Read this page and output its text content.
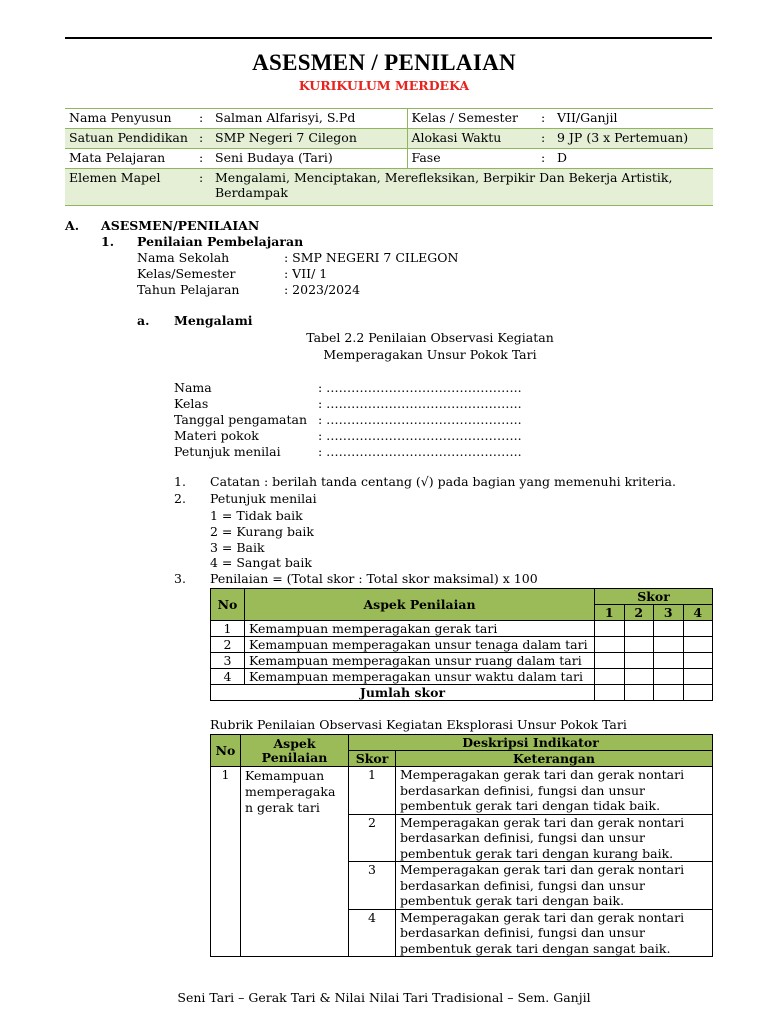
ASESMEN / PENILAIAN
KURIKULUM MERDEKA
Nama Penyusun	:	Salman Alfarisyi, S.Pd	Kelas / Semester	:	VII/Ganjil
Satuan Pendidikan	:	SMP Negeri 7 Cilegon	Alokasi Waktu	:	9 JP (3 x Pertemuan)
Mata Pelajaran	:	Seni Budaya (Tari)	Fase	:	D
Elemen Mapel	:	Mengalami, Menciptakan, Merefleksikan, Berpikir Dan Bekerja Artistik, Berdampak			
A. ASESMEN/PENILAIAN
1. Penilaian Pembelajaran
Nama Sekolah	: SMP NEGERI 7 CILEGON
Kelas/Semester	: VII/ 1
Tahun Pelajaran	: 2023/2024
a. Mengalami
Tabel 2.2 Penilaian Observasi Kegiatan
Memperagakan Unsur Pokok Tari
Nama	: ………………………………………..
Kelas	: ………………………………………..
Tanggal pengamatan : ………………………………………..
Materi pokok	: ………………………………………..
Petunjuk menilai	: ………………………………………..
1. Catatan : berilah tanda centang (√) pada bagian yang memenuhi kriteria.
2. Petunjuk menilai
1 = Tidak baik
2 = Kurang baik
3 = Baik
4 = Sangat baik
3. Penilaian = (Total skor : Total skor maksimal) x 100
No	Aspek Penilaian	Skor			
		1	2	3	4
1	Kemampuan memperagakan gerak tari				
2	Kemampuan memperagakan unsur tenaga dalam tari				
3	Kemampuan memperagakan unsur ruang dalam tari				
4	Kemampuan memperagakan unsur waktu dalam tari				
Jumlah skor					
Rubrik Penilaian Observasi Kegiatan Eksplorasi Unsur Pokok Tari
No	Aspek Penilaian	Deskripsi Indikator	
		Skor	Keterangan
1	Kemampuan memperagaka n gerak tari	1	Memperagakan gerak tari dan gerak nontari berdasarkan definisi, fungsi dan unsur pembentuk gerak tari dengan tidak baik.
		2	Memperagakan gerak tari dan gerak nontari berdasarkan definisi, fungsi dan unsur pembentuk gerak tari dengan kurang baik.
		3	Memperagakan gerak tari dan gerak nontari berdasarkan definisi, fungsi dan unsur pembentuk gerak tari dengan baik.
		4	Memperagakan gerak tari dan gerak nontari berdasarkan definisi, fungsi dan unsur pembentuk gerak tari dengan sangat baik.
Seni Tari – Gerak Tari & Nilai Nilai Tari Tradisional – Sem. Ganjil
